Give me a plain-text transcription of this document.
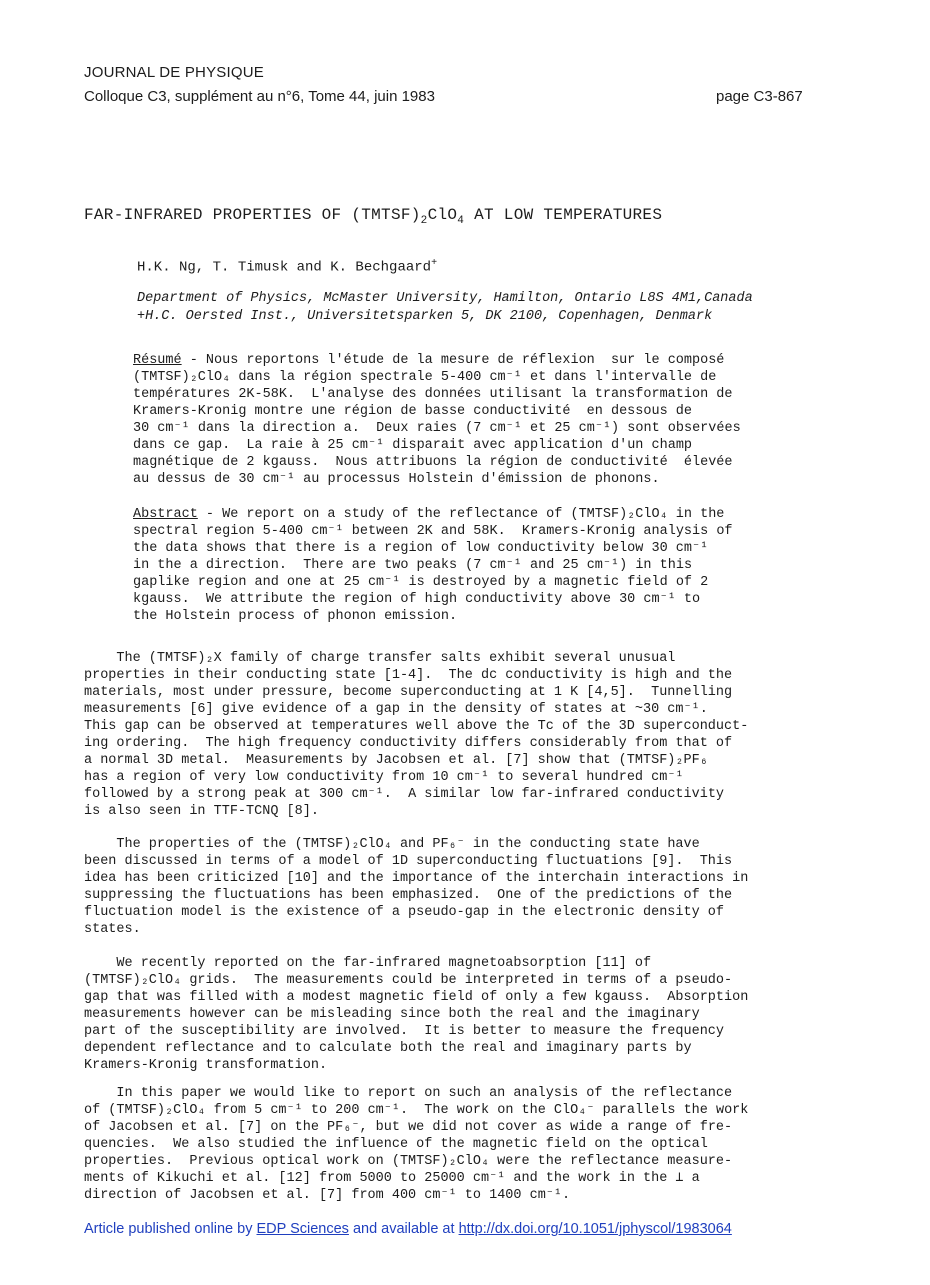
JOURNAL DE PHYSIQUE
Colloque C3, supplément au n°6, Tome 44, juin 1983	page C3-867
FAR-INFRARED PROPERTIES OF $(TMTSF)_2ClO_4$ AT LOW TEMPERATURES
H.K. Ng, T. Timusk and K. Bechgaard+
Department of Physics, McMaster University, Hamilton, Ontario L8S 4M1,Canada
+H.C. Oersted Inst., Universitetsparken 5, DK 2100, Copenhagen, Denmark
Résumé - Nous reportons l'étude de la mesure de réflexion  sur le composé
(TMTSF)₂ClO₄ dans la région spectrale 5-400 cm⁻¹ et dans l'intervalle de
températures 2K-58K.  L'analyse des données utilisant la transformation de
Kramers-Kronig montre une région de basse conductivité  en dessous de
30 cm⁻¹ dans la direction a.  Deux raies (7 cm⁻¹ et 25 cm⁻¹) sont observées
dans ce gap.  La raie à 25 cm⁻¹ disparait avec application d'un champ
magnétique de 2 kgauss.  Nous attribuons la région de conductivité  élevée
au dessus de 30 cm⁻¹ au processus Holstein d'émission de phonons.
Abstract - We report on a study of the reflectance of (TMTSF)₂ClO₄ in the
spectral region 5-400 cm⁻¹ between 2K and 58K.  Kramers-Kronig analysis of
the data shows that there is a region of low conductivity below 30 cm⁻¹
in the a direction.  There are two peaks (7 cm⁻¹ and 25 cm⁻¹) in this
gaplike region and one at 25 cm⁻¹ is destroyed by a magnetic field of 2
kgauss.  We attribute the region of high conductivity above 30 cm⁻¹ to
the Holstein process of phonon emission.
The (TMTSF)₂X family of charge transfer salts exhibit several unusual
properties in their conducting state [1-4].  The dc conductivity is high and the
materials, most under pressure, become superconducting at 1 K [4,5].  Tunnelling
measurements [6] give evidence of a gap in the density of states at ~30 cm⁻¹.
This gap can be observed at temperatures well above the Tc of the 3D superconduct-
ing ordering.  The high frequency conductivity differs considerably from that of
a normal 3D metal.  Measurements by Jacobsen et al. [7] show that (TMTSF)₂PF₆
has a region of very low conductivity from 10 cm⁻¹ to several hundred cm⁻¹
followed by a strong peak at 300 cm⁻¹.  A similar low far-infrared conductivity
is also seen in TTF-TCNQ [8].
The properties of the (TMTSF)₂ClO₄ and PF₆⁻ in the conducting state have
been discussed in terms of a model of 1D superconducting fluctuations [9].  This
idea has been criticized [10] and the importance of the interchain interactions in
suppressing the fluctuations has been emphasized.  One of the predictions of the
fluctuation model is the existence of a pseudo-gap in the electronic density of
states.
We recently reported on the far-infrared magnetoabsorption [11] of
(TMTSF)₂ClO₄ grids.  The measurements could be interpreted in terms of a pseudo-
gap that was filled with a modest magnetic field of only a few kgauss.  Absorption
measurements however can be misleading since both the real and the imaginary
part of the susceptibility are involved.  It is better to measure the frequency
dependent reflectance and to calculate both the real and imaginary parts by
Kramers-Kronig transformation.
In this paper we would like to report on such an analysis of the reflectance
of (TMTSF)₂ClO₄ from 5 cm⁻¹ to 200 cm⁻¹.  The work on the ClO₄⁻ parallels the work
of Jacobsen et al. [7] on the PF₆⁻, but we did not cover as wide a range of fre-
quencies.  We also studied the influence of the magnetic field on the optical
properties.  Previous optical work on (TMTSF)₂ClO₄ were the reflectance measure-
ments of Kikuchi et al. [12] from 5000 to 25000 cm⁻¹ and the work in the ⊥ a
direction of Jacobsen et al. [7] from 400 cm⁻¹ to 1400 cm⁻¹.
Article published online by EDP Sciences and available at http://dx.doi.org/10.1051/jphyscol/1983064
